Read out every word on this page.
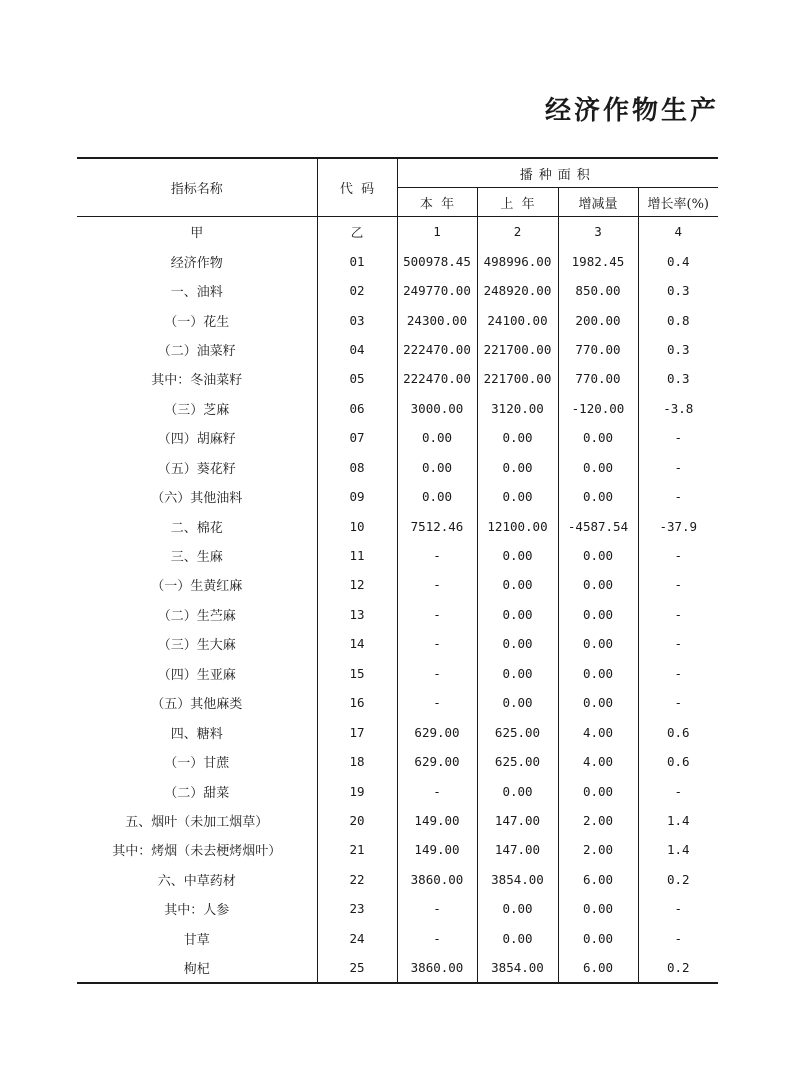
经济作物生产
指标名称	代  码	播种面积			
		本  年	上  年	增减量	增长率(%)
甲	乙	1	2	3	4
经济作物	01	500978.45	498996.00	1982.45	0.4
一、油料	02	249770.00	248920.00	850.00	0.3
（一）花生	03	24300.00	24100.00	200.00	0.8
（二）油菜籽	04	222470.00	221700.00	770.00	0.3
其中：冬油菜籽	05	222470.00	221700.00	770.00	0.3
（三）芝麻	06	3000.00	3120.00	-120.00	-3.8
（四）胡麻籽	07	0.00	0.00	0.00	-
（五）葵花籽	08	0.00	0.00	0.00	-
（六）其他油料	09	0.00	0.00	0.00	-
二、棉花	10	7512.46	12100.00	-4587.54	-37.9
三、生麻	11	-	0.00	0.00	-
（一）生黄红麻	12	-	0.00	0.00	-
（二）生苎麻	13	-	0.00	0.00	-
（三）生大麻	14	-	0.00	0.00	-
（四）生亚麻	15	-	0.00	0.00	-
（五）其他麻类	16	-	0.00	0.00	-
四、糖料	17	629.00	625.00	4.00	0.6
（一）甘蔗	18	629.00	625.00	4.00	0.6
（二）甜菜	19	-	0.00	0.00	-
五、烟叶（未加工烟草）	20	149.00	147.00	2.00	1.4
其中：烤烟（未去梗烤烟叶）	21	149.00	147.00	2.00	1.4
六、中草药材	22	3860.00	3854.00	6.00	0.2
其中：人参	23	-	0.00	0.00	-
甘草	24	-	0.00	0.00	-
枸杞	25	3860.00	3854.00	6.00	0.2
